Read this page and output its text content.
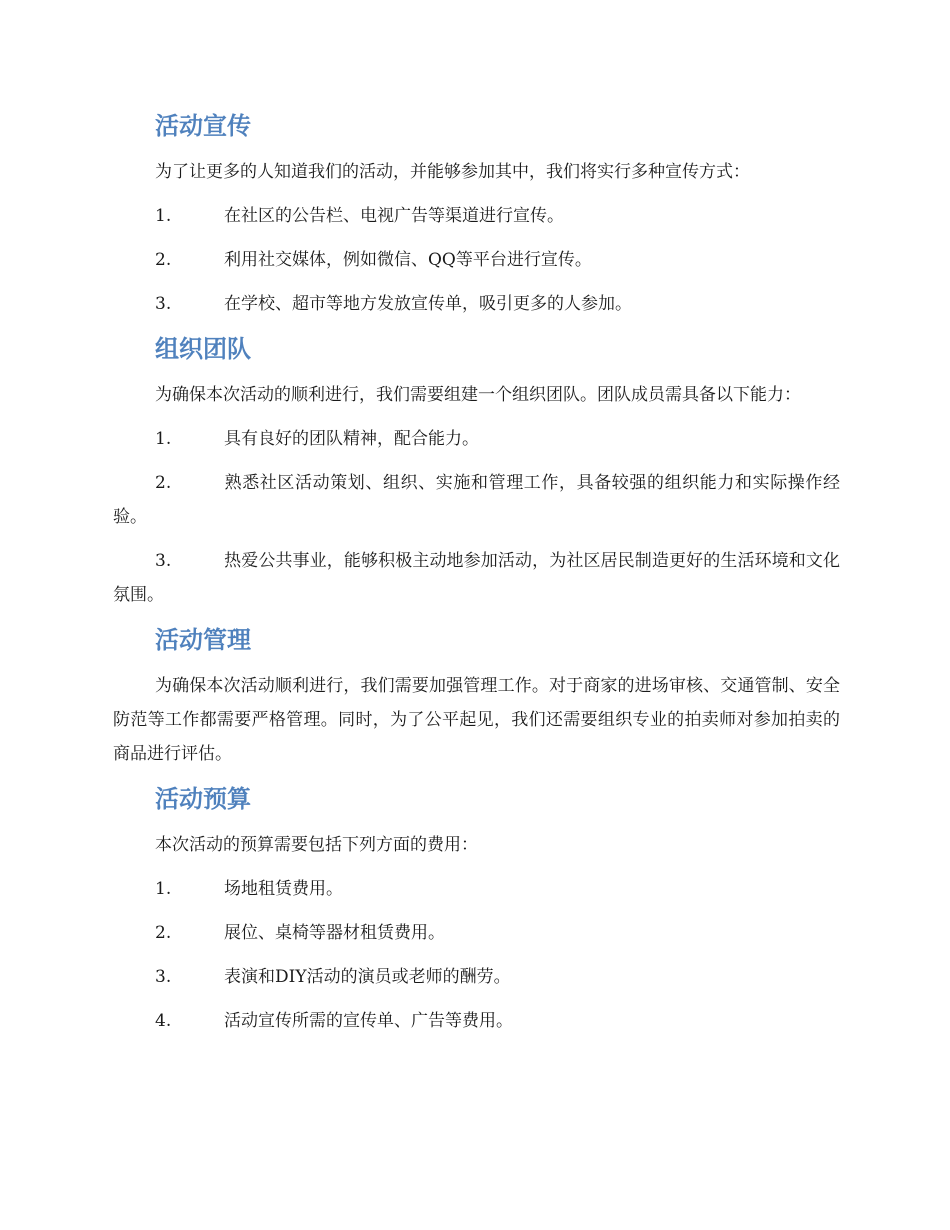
活动宣传

为了让更多的人知道我们的活动，并能够参加其中，我们将实行多种宣传方式：

1.	在社区的公告栏、电视广告等渠道进行宣传。

2.	利用社交媒体，例如微信、QQ等平台进行宣传。

3.	在学校、超市等地方发放宣传单，吸引更多的人参加。

组织团队

为确保本次活动的顺利进行，我们需要组建一个组织团队。团队成员需具备以下能力：

1.	具有良好的团队精神，配合能力。

2.	熟悉社区活动策划、组织、实施和管理工作，具备较强的组织能力和实际操作经验。

3.	热爱公共事业，能够积极主动地参加活动，为社区居民制造更好的生活环境和文化氛围。

活动管理

为确保本次活动顺利进行，我们需要加强管理工作。对于商家的进场审核、交通管制、安全防范等工作都需要严格管理。同时，为了公平起见，我们还需要组织专业的拍卖师对参加拍卖的商品进行评估。

活动预算

本次活动的预算需要包括下列方面的费用：

1.	场地租赁费用。

2.	展位、桌椅等器材租赁费用。

3.	表演和DIY活动的演员或老师的酬劳。

4.	活动宣传所需的宣传单、广告等费用。
